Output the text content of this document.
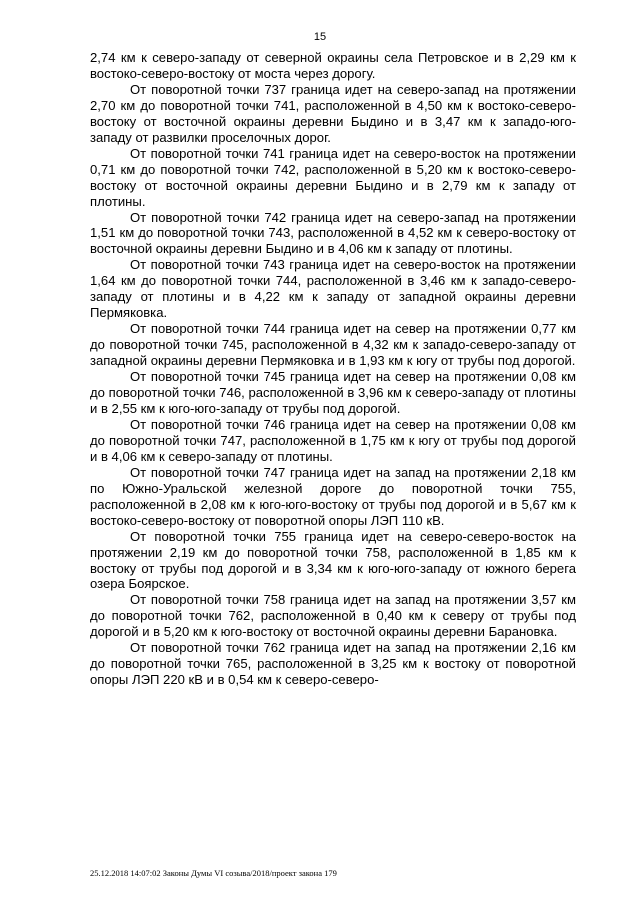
15

2,74 км к северо-западу от северной окраины села Петровское и в 2,29 км к востоко-северо-востоку от моста через дорогу.

От поворотной точки 737 граница идет на северо-запад на протяжении 2,70 км до поворотной точки 741, расположенной в 4,50 км к востоко-северо-востоку от восточной окраины деревни Быдино и в 3,47 км к западо-юго-западу от развилки проселочных дорог.

От поворотной точки 741 граница идет на северо-восток на протяжении 0,71 км до поворотной точки 742, расположенной в 5,20 км к востоко-северо-востоку от восточной окраины деревни Быдино и в 2,79 км к западу от плотины.

От поворотной точки 742 граница идет на северо-запад на протяжении 1,51 км до поворотной точки 743, расположенной в 4,52 км к северо-востоку от восточной окраины деревни Быдино и в 4,06 км к западу от плотины.

От поворотной точки 743 граница идет на северо-восток на протяжении 1,64 км до поворотной точки 744, расположенной в 3,46 км к западо-северо-западу от плотины и в 4,22 км к западу от западной окраины деревни Пермяковка.

От поворотной точки 744 граница идет на север на протяжении 0,77 км до поворотной точки 745, расположенной в 4,32 км к западо-северо-западу от западной окраины деревни Пермяковка и в 1,93 км к югу от трубы под дорогой.

От поворотной точки 745 граница идет на север на протяжении 0,08 км до поворотной точки 746, расположенной в 3,96 км к северо-западу от плотины и в 2,55 км к юго-юго-западу от трубы под дорогой.

От поворотной точки 746 граница идет на север на протяжении 0,08 км до поворотной точки 747, расположенной в 1,75 км к югу от трубы под дорогой и в 4,06 км к северо-западу от плотины.

От поворотной точки 747 граница идет на запад на протяжении 2,18 км по Южно-Уральской железной дороге до поворотной точки 755, расположенной в 2,08 км к юго-юго-востоку от трубы под дорогой и в 5,67 км к востоко-северо-востоку от поворотной опоры ЛЭП 110 кВ.

От поворотной точки 755 граница идет на северо-северо-восток на протяжении 2,19 км до поворотной точки 758, расположенной в 1,85 км к востоку от трубы под дорогой и в 3,34 км к юго-юго-западу от южного берега озера Боярское.

От поворотной точки 758 граница идет на запад на протяжении 3,57 км до поворотной точки 762, расположенной в 0,40 км к северу от трубы под дорогой и в 5,20 км к юго-востоку от восточной окраины деревни Барановка.

От поворотной точки 762 граница идет на запад на протяжении 2,16 км до поворотной точки 765, расположенной в 3,25 км к востоку от поворотной опоры ЛЭП 220 кВ и в 0,54 км к северо-северо-

25.12.2018 14:07:02 Законы Думы VI созыва/2018/проект закона 179
